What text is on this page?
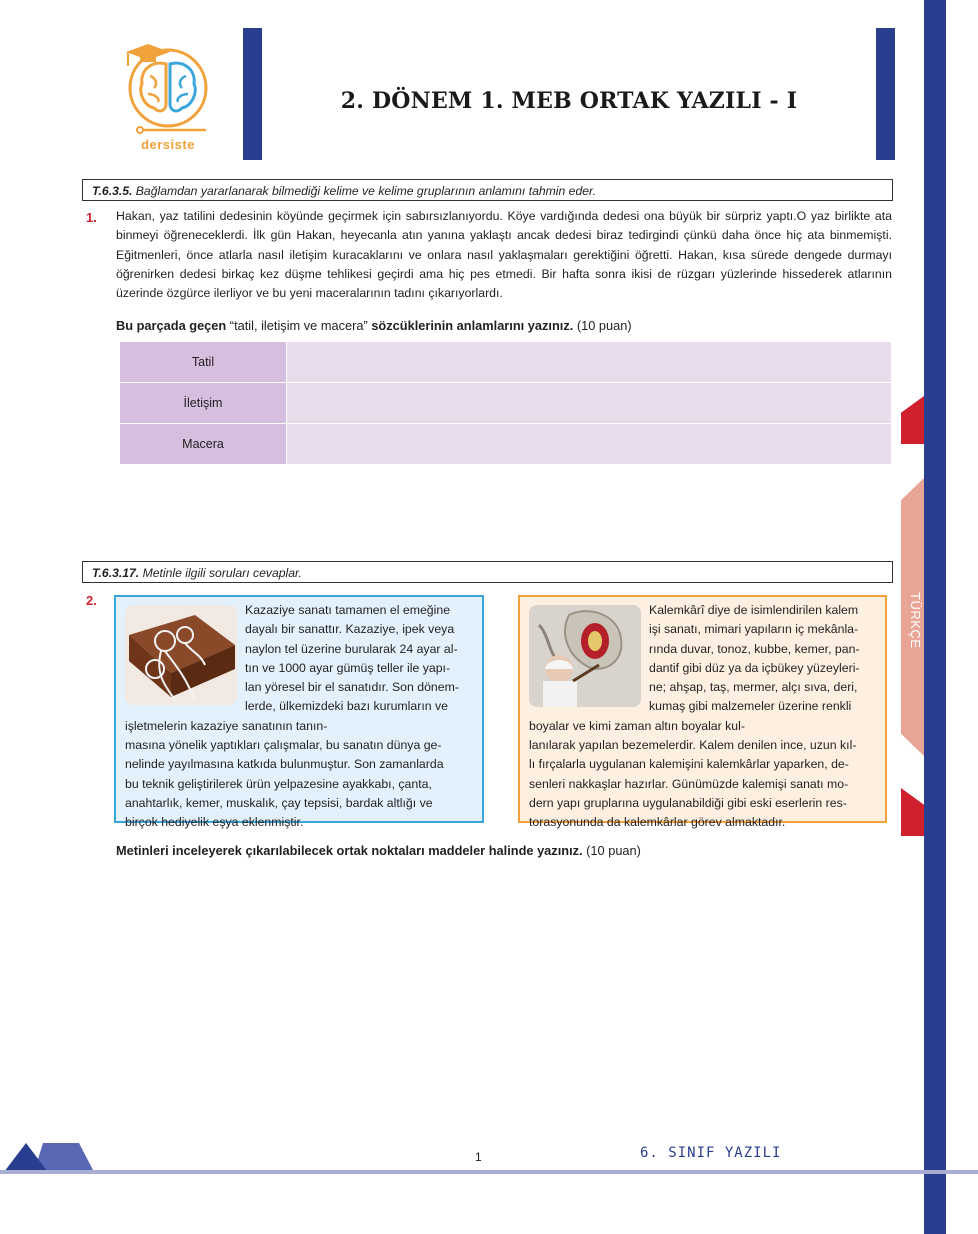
TÜRKÇE
dersiste
2. DÖNEM 1. MEB ORTAK YAZILI - I
T.6.3.5. Bağlamdan yararlanarak bilmediği kelime ve kelime gruplarının anlamını tahmin eder.
1. Hakan, yaz tatilini dedesinin köyünde geçirmek için sabırsızlanıyordu. Köye vardığında dedesi ona büyük bir sürpriz yaptı.O yaz birlikte ata binmeyi öğreneceklerdi. İlk gün Hakan, heyecanla atın yanına yaklaştı ancak dedesi biraz tedirgindi çünkü daha önce hiç ata binmemişti. Eğitmenleri, önce atlarla nasıl iletişim kuracaklarını ve onlara nasıl yaklaşmaları gerektiğini öğretti. Hakan, kısa sürede dengede durmayı öğrenirken dedesi birkaç kez düşme tehlikesi geçirdi ama hiç pes etmedi. Bir hafta sonra ikisi de rüzgarı yüzlerinde hissederek atlarının üzerinde özgürce ilerliyor ve bu yeni maceralarının tadını çıkarıyorlardı.
Bu parçada geçen “tatil, iletişim ve macera” sözcüklerinin anlamlarını yazınız. (10 puan)
Tatil	
İletişim	
Macera	
T.6.3.17. Metinle ilgili soruları cevaplar.
2.
Kazaziye sanatı tamamen el emeğine
dayalı bir sanattır. Kazaziye, ipek veya
naylon tel üzerine burularak 24 ayar al-
tın ve 1000 ayar gümüş teller ile yapı-
lan yöresel bir el sanatıdır. Son dönem-
lerde, ülkemizdeki bazı kurumların ve
işletmelerin kazaziye sanatının tanın-
masına yönelik yaptıkları çalışmalar, bu sanatın dünya ge-
nelinde yayılmasına katkıda bulunmuştur. Son zamanlarda
bu teknik geliştirilerek ürün yelpazesine ayakkabı, çanta,
anahtarlık, kemer, muskalık, çay tepsisi, bardak altlığı ve
birçok hediyelik eşya eklenmiştir.
Kalemkârî diye de isimlendirilen kalem
işi sanatı, mimari yapıların iç mekânla-
rında duvar, tonoz, kubbe, kemer, pan-
dantif gibi düz ya da içbükey yüzeyleri-
ne; ahşap, taş, mermer, alçı sıva, deri,
kumaş gibi malzemeler üzerine renkli
boyalar ve kimi zaman altın boyalar kul-
lanılarak yapılan bezemelerdir. Kalem denilen ince, uzun kıl-
lı fırçalarla uygulanan kalemişini kalemkârlar yaparken, de-
senleri nakkaşlar hazırlar. Günümüzde kalemişi sanatı mo-
dern yapı gruplarına uygulanabildiği gibi eski eserlerin res-
torasyonunda da kalemkârlar görev almaktadır.
Metinleri inceleyerek çıkarılabilecek ortak noktaları maddeler halinde yazınız. (10 puan)
1	6. SINIF YAZILI
